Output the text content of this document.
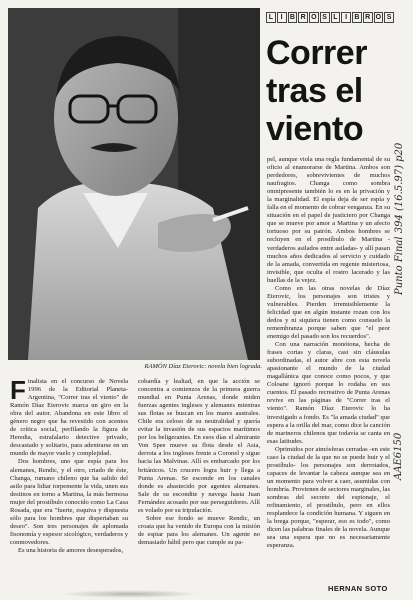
RAMÓN Díaz Eterovic: novela bien lograda.
L	I	B R O S L	I	B R O S
Correr
tras el
viento

pel, aunque viola una regla fundamental de su oficio al enamorarse de Martina. Ambos son perdedores, sobrevivientes de muchos naufragios. Changa como sombra omnipresente también lo es en la privación y la marginalidad. El espía deja de ser espía y falla en el momento de cobrar venganza. En su situación en el papel de justiciero por Changa que se mueve por amor a Martina y un afecto tortuoso por su patrón. Ambos hombres se recluyen en el prostíbulo de Martina -verdaderos asilados entre asiladas- y allí pasan muchos años dedicados al servicio y cuidado de la amada, convertida en regente misteriosa, invisible, que oculta el rostro lacerado y las huellas de la vejez.

Como en las otras novelas de Díaz Eterovic, los personajes son tristes y vulnerables. Pierden irremisiblemente la felicidad que en algún instante rozan con los dedos y ni siquiera tienen como consuelo la remembranza porque saben que "el peor enemigo del pasado son los recuerdos".

Con una narración monótona, hecha de frases cortas y claras, casi sin cláusulas subordinadas, el autor abre con esta novela apasionante el mundo de la ciudad magallánica que conoce como pocos, y que Coloane ignoró porque lo rodaba en sus cuentos. El pasado recreativo de Punta Arenas revive en las páginas de "Correr tras el viento". Ramón Díaz Eterovic lo ha investigado a fondo. Es "la amada ciudad" que espera a la orilla del mar, como dice la canción de marineros chilenos que todavía se canta en esas latitudes.

Oprimidos por atmósferas cerradas -en este caso la ciudad de la que no se puede huir y el prostíbulo- los personajes son derrotados, capaces de levantar la cabeza aunque sea en un momento para volver a caer, asumidas con hombría. Provienen de sectores marginales, las sombras del secreto del espionaje, el refinamiento, el prostíbulo, pero en ellos resplandece la condición humana. Y siguen en la brega porque, "esperar, eso es todo", como dicen las palabras finales de la novela. Aunque sea una espera que no es necesariamente esperanza.

Finalista en el concurso de Novela 1996 de la Editorial Planeta-Argentina, "Correr tras el viento" de Ramón Díaz Eterovic marca un giro en la obra del autor. Abandona en este libro el género negro que ha revestido con acentos de crítica social, perfilando la figura de Heredia, estrafalario detective privado, descastado y solitario, para adentrarse en un mundo de mayor vuelo y complejidad.

Dos hombres, uno que espía para los alemanes, Rendic, y el otro, criado de éste, Changa, rumano chileno que ha salido del asilo para lidiar torpemente la vida, unen sus destinos en torno a Martina, la más hermosa mujer del prostíbulo conocido como La Casa Rosada, que era "fuerte, esquiva y dispuesta sólo para los hombres que dispertaban su deseo". Son tres personajes de aplomada fisonomía y espesor sicológico, verdaderos y conmovedores.

Es una historia de amores desesperados,

cobardía y lealtad, en que la acción se concentra a comienzos de la primera guerra mundial en Punta Arenas, donde miden fuerzas agentes ingleses y alemanes mientras sus flotas se buscan en los mares australes. Chile era celoso de su neutralidad y quería evitar la invasión de sus espacios marítimos por los beligerantes. En esos días el almirante Von Spee mueve su flota desde el Asia, derrota a los ingleses frente a Coronel y sigue hacia las Malvinas. Allí es embarcado por los británicos. Un crucero logra huir y llega a Punta Arenas. Se esconde en los canales donde es abastecido por agentes alemanes. Sale de su escondite y navega hasta Juan Fernández acosado por sus perseguidores. Allí es volado por su tripulación.

Sobre ese fondo se mueve Rendic, un croata que ha venido de Europa con la misión de espiar para los alemanes. Un agente no demasiado hábil pero que cumple su pa-

HERNAN SOTO
Punto Final 394 (16.5.97) p20
AAE6150
